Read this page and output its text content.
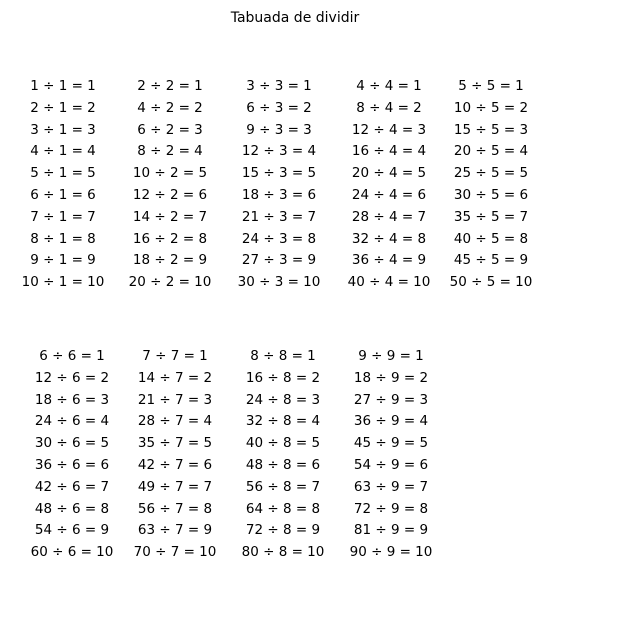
Tabuada de dividir
1 ÷ 1 = 1
2 ÷ 1 = 2
3 ÷ 1 = 3
4 ÷ 1 = 4
5 ÷ 1 = 5
6 ÷ 1 = 6
7 ÷ 1 = 7
8 ÷ 1 = 8
9 ÷ 1 = 9
10 ÷ 1 = 10
2 ÷ 2 = 1
4 ÷ 2 = 2
6 ÷ 2 = 3
8 ÷ 2 = 4
10 ÷ 2 = 5
12 ÷ 2 = 6
14 ÷ 2 = 7
16 ÷ 2 = 8
18 ÷ 2 = 9
20 ÷ 2 = 10
3 ÷ 3 = 1
6 ÷ 3 = 2
9 ÷ 3 = 3
12 ÷ 3 = 4
15 ÷ 3 = 5
18 ÷ 3 = 6
21 ÷ 3 = 7
24 ÷ 3 = 8
27 ÷ 3 = 9
30 ÷ 3 = 10
4 ÷ 4 = 1
8 ÷ 4 = 2
12 ÷ 4 = 3
16 ÷ 4 = 4
20 ÷ 4 = 5
24 ÷ 4 = 6
28 ÷ 4 = 7
32 ÷ 4 = 8
36 ÷ 4 = 9
40 ÷ 4 = 10
5 ÷ 5 = 1
10 ÷ 5 = 2
15 ÷ 5 = 3
20 ÷ 5 = 4
25 ÷ 5 = 5
30 ÷ 5 = 6
35 ÷ 5 = 7
40 ÷ 5 = 8
45 ÷ 5 = 9
50 ÷ 5 = 10
6 ÷ 6 = 1
12 ÷ 6 = 2
18 ÷ 6 = 3
24 ÷ 6 = 4
30 ÷ 6 = 5
36 ÷ 6 = 6
42 ÷ 6 = 7
48 ÷ 6 = 8
54 ÷ 6 = 9
60 ÷ 6 = 10
7 ÷ 7 = 1
14 ÷ 7 = 2
21 ÷ 7 = 3
28 ÷ 7 = 4
35 ÷ 7 = 5
42 ÷ 7 = 6
49 ÷ 7 = 7
56 ÷ 7 = 8
63 ÷ 7 = 9
70 ÷ 7 = 10
8 ÷ 8 = 1
16 ÷ 8 = 2
24 ÷ 8 = 3
32 ÷ 8 = 4
40 ÷ 8 = 5
48 ÷ 8 = 6
56 ÷ 8 = 7
64 ÷ 8 = 8
72 ÷ 8 = 9
80 ÷ 8 = 10
9 ÷ 9 = 1
18 ÷ 9 = 2
27 ÷ 9 = 3
36 ÷ 9 = 4
45 ÷ 9 = 5
54 ÷ 9 = 6
63 ÷ 9 = 7
72 ÷ 9 = 8
81 ÷ 9 = 9
90 ÷ 9 = 10
